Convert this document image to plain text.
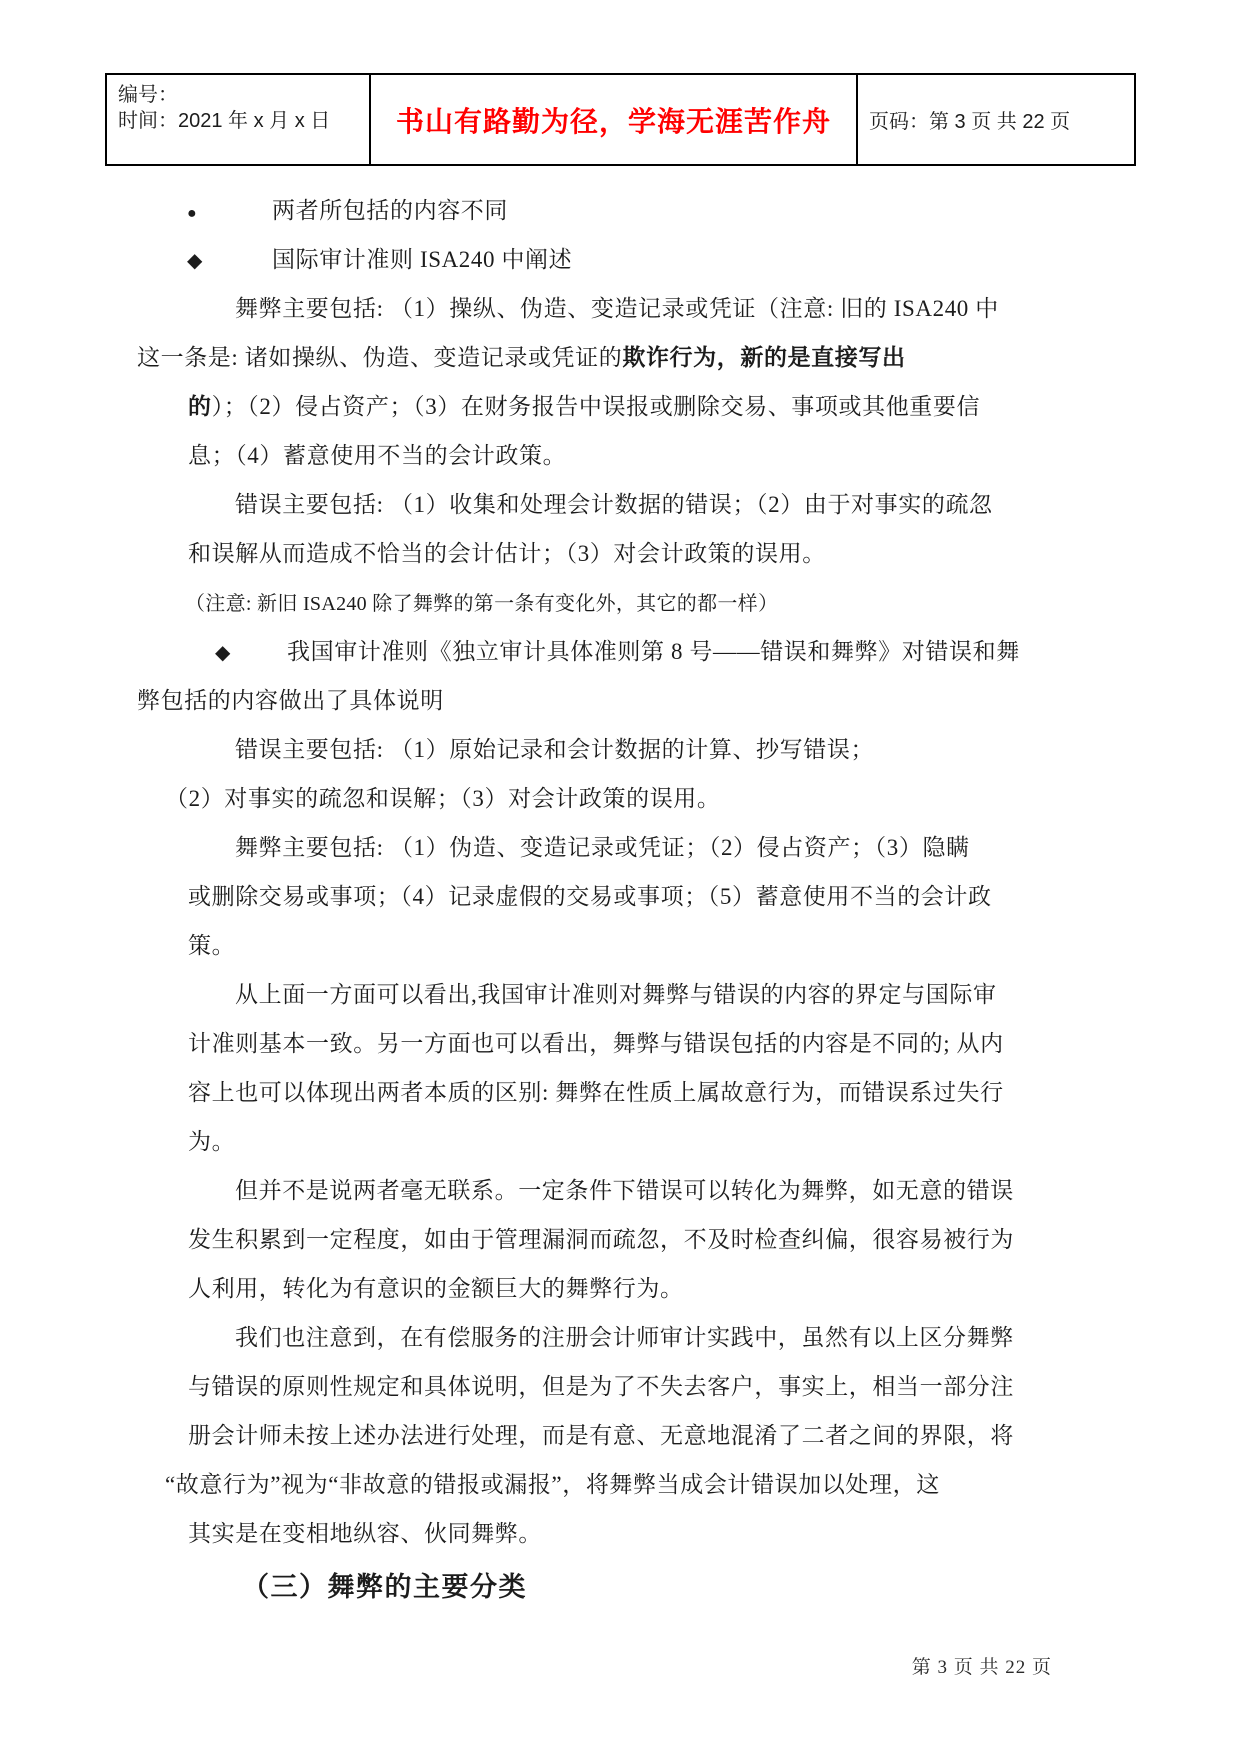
编号：
时间：2021 年 x 月 x 日	书山有路勤为径，学海无涯苦作舟 页码：第 3 页 共 22 页
●	两者所包括的内容不同
◆	国际审计准则 ISA240 中阐述
舞弊主要包括: （1）操纵、伪造、变造记录或凭证（注意: 旧的 ISA240 中
这一条是: 诸如操纵、伪造、变造记录或凭证的欺诈行为，新的是直接写出
的）；（2）侵占资产；（3）在财务报告中误报或删除交易、事项或其他重要信
息；（4）蓄意使用不当的会计政策。
错误主要包括: （1）收集和处理会计数据的错误；（2）由于对事实的疏忽
和误解从而造成不恰当的会计估计；（3）对会计政策的误用。
（注意: 新旧 ISA240 除了舞弊的第一条有变化外，其它的都一样）
◆ 我国审计准则《独立审计具体准则第 8 号——错误和舞弊》对错误和舞
弊包括的内容做出了具体说明
错误主要包括: （1）原始记录和会计数据的计算、抄写错误；
（2）对事实的疏忽和误解；（3）对会计政策的误用。
舞弊主要包括: （1）伪造、变造记录或凭证；（2）侵占资产；（3）隐瞒
或删除交易或事项；（4）记录虚假的交易或事项；（5）蓄意使用不当的会计政
策。
从上面一方面可以看出,我国审计准则对舞弊与错误的内容的界定与国际审
计准则基本一致。另一方面也可以看出，舞弊与错误包括的内容是不同的; 从内
容上也可以体现出两者本质的区别: 舞弊在性质上属故意行为，而错误系过失行
为。
但并不是说两者毫无联系。一定条件下错误可以转化为舞弊，如无意的错误
发生积累到一定程度，如由于管理漏洞而疏忽，不及时检查纠偏，很容易被行为
人利用，转化为有意识的金额巨大的舞弊行为。
我们也注意到，在有偿服务的注册会计师审计实践中，虽然有以上区分舞弊
与错误的原则性规定和具体说明，但是为了不失去客户，事实上，相当一部分注
册会计师未按上述办法进行处理，而是有意、无意地混淆了二者之间的界限，将
“故意行为”视为“非故意的错报或漏报”，将舞弊当成会计错误加以处理，这
其实是在变相地纵容、伙同舞弊。
（三）舞弊的主要分类
第 3 页 共 22 页
